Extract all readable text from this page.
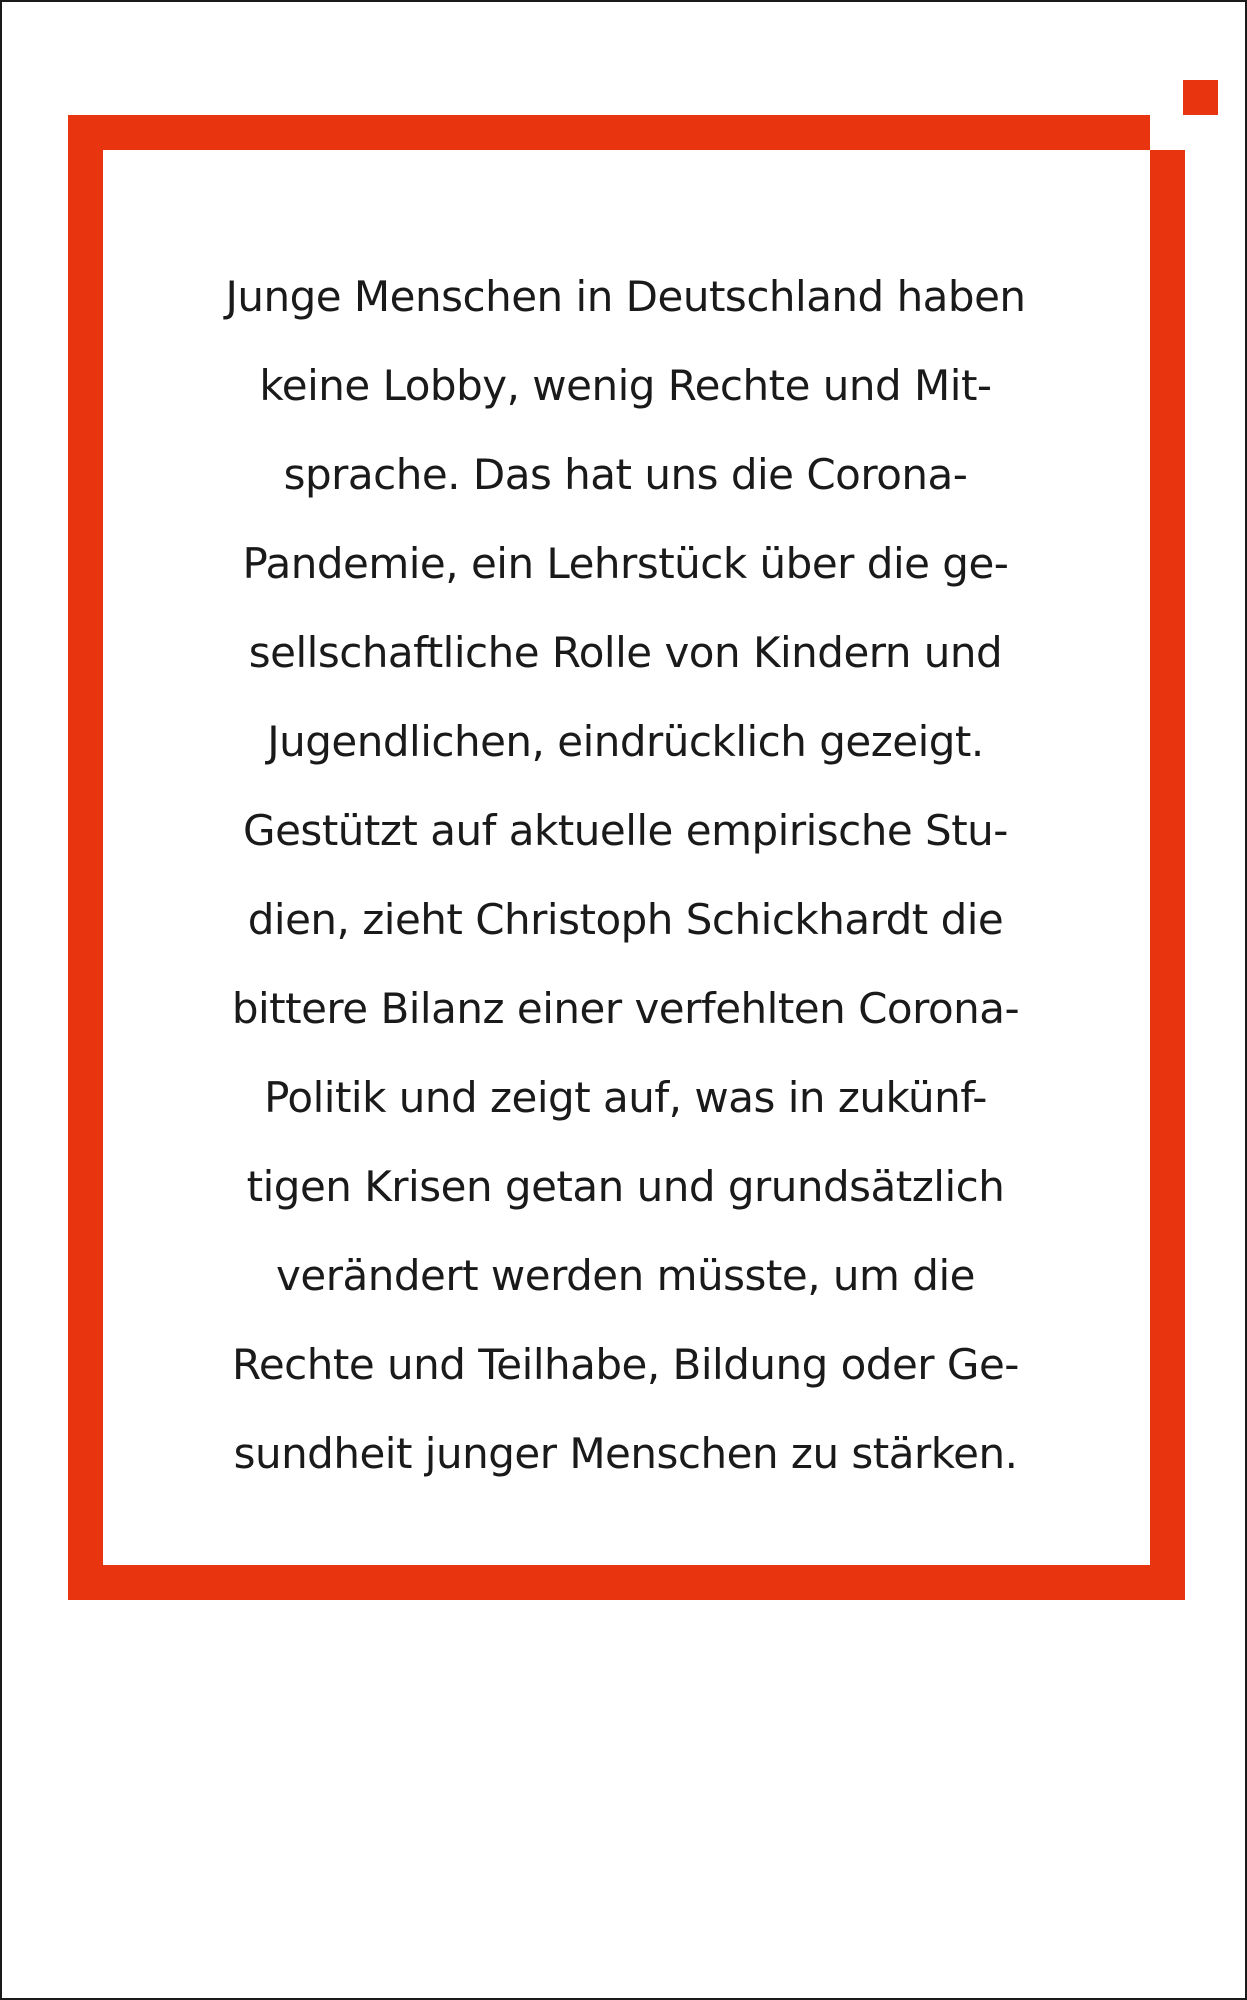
Junge Menschen in Deutschland haben
keine Lobby, wenig Rechte und Mit-
sprache. Das hat uns die Corona-
Pandemie, ein Lehrstück über die ge-
sellschaftliche Rolle von Kindern und
Jugendlichen, eindrücklich gezeigt.
Gestützt auf aktuelle empirische Stu-
dien, zieht Christoph Schickhardt die
bittere Bilanz einer verfehlten Corona-
Politik und zeigt auf, was in zukünf-
tigen Krisen getan und grundsätzlich
verändert werden müsste, um die
Rechte und Teilhabe, Bildung oder Ge-
sundheit junger Menschen zu stärken.
